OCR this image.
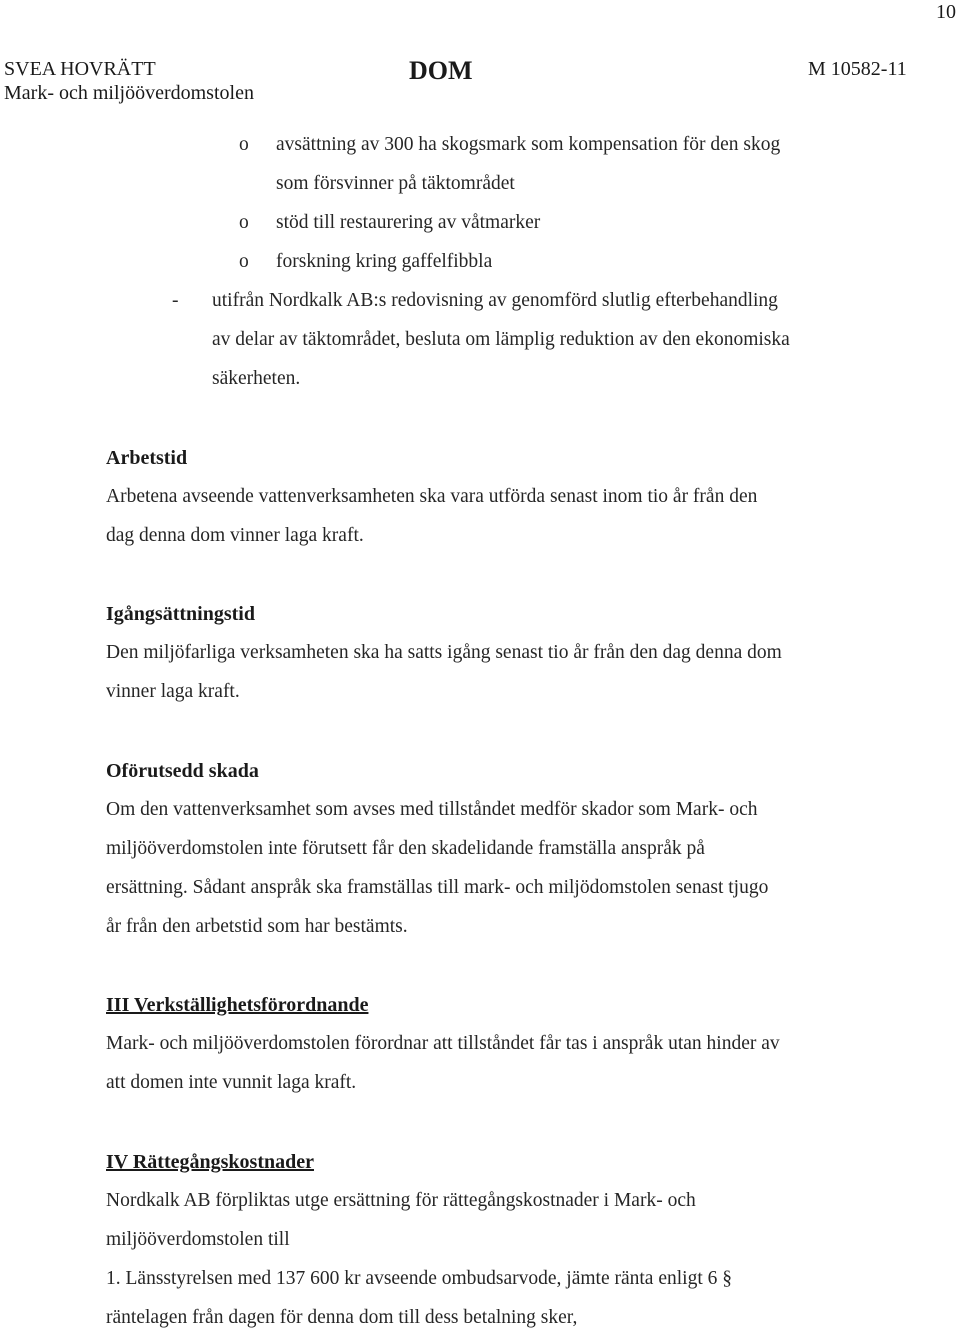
10
SVEA HOVRÄTT
Mark- och miljööverdomstolen
DOM	M 10582-11
o avsättning av 300 ha skogsmark som kompensation för den skog
som försvinner på täktområdet
o stöd till restaurering av våtmarker
o forskning kring gaffelfibbla
- utifrån Nordkalk AB:s redovisning av genomförd slutlig efterbehandling
av delar av täktområdet, besluta om lämplig reduktion av den ekonomiska
säkerheten.
Arbetstid
Arbetena avseende vattenverksamheten ska vara utförda senast inom tio år från den
dag denna dom vinner laga kraft.
Igångsättningstid
Den miljöfarliga verksamheten ska ha satts igång senast tio år från den dag denna dom
vinner laga kraft.
Oförutsedd skada
Om den vattenverksamhet som avses med tillståndet medför skador som Mark- och
miljööverdomstolen inte förutsett får den skadelidande framställa anspråk på
ersättning. Sådant anspråk ska framställas till mark- och miljödomstolen senast tjugo
år från den arbetstid som har bestämts.
III Verkställighetsförordnande
Mark- och miljööverdomstolen förordnar att tillståndet får tas i anspråk utan hinder av
att domen inte vunnit laga kraft.
IV Rättegångskostnader
Nordkalk AB förpliktas utge ersättning för rättegångskostnader i Mark- och
miljööverdomstolen till
1. Länsstyrelsen med 137 600 kr avseende ombudsarvode, jämte ränta enligt 6 §
räntelagen från dagen för denna dom till dess betalning sker,
